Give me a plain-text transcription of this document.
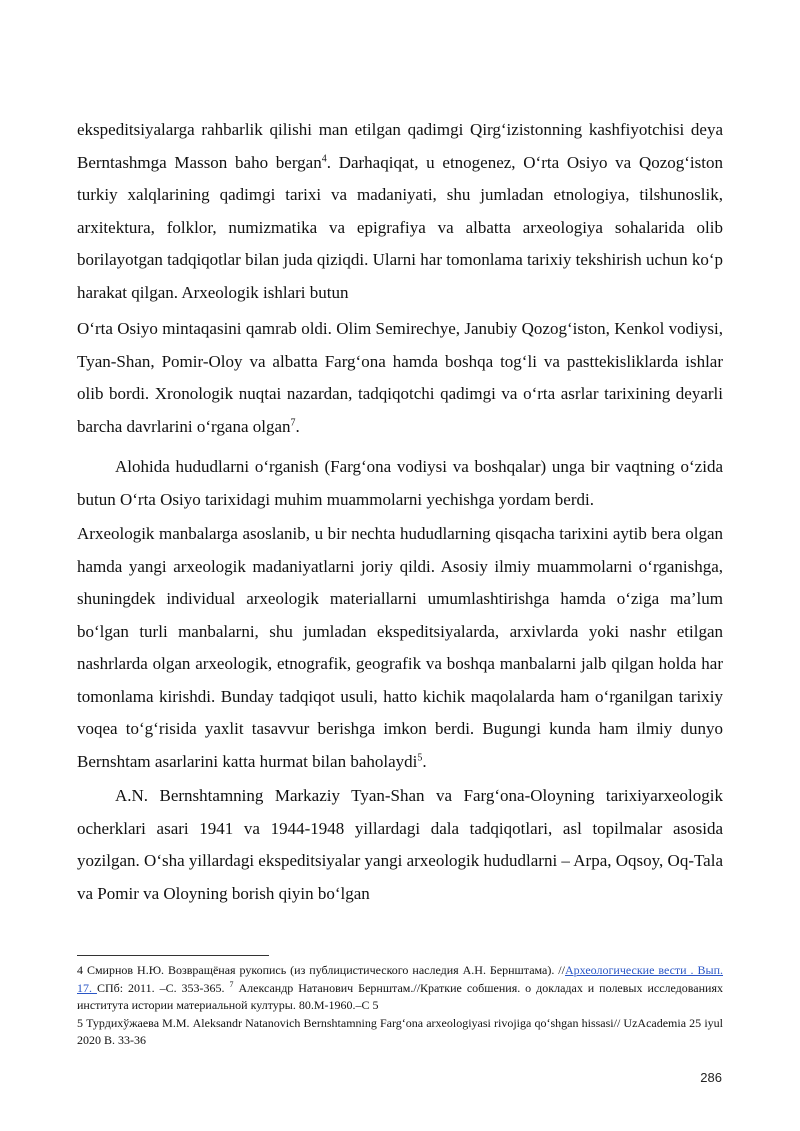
ekspeditsiyalarga rahbarlik qilishi man etilgan qadimgi Qirg‘izistonning kashfiyotchisi deya Berntashmga Masson baho bergan$^4$. Darhaqiqat, u etnogenez, O‘rta Osiyo va Qozog‘iston turkiy xalqlarining qadimgi tarixi va madaniyati, shu jumladan etnologiya, tilshunoslik, arxitektura, folklor, numizmatika va epigrafiya va albatta arxeologiya sohalarida olib borilayotgan tadqiqotlar bilan juda qiziqdi. Ularni har tomonlama tarixiy tekshirish uchun ko‘p harakat qilgan. Arxeologik ishlari butun

O‘rta Osiyo mintaqasini qamrab oldi. Olim Semirechye, Janubiy Qozog‘iston, Kenkol vodiysi, Tyan-Shan, Pomir-Oloy va albatta Farg‘ona hamda boshqa tog‘li va pasttekisliklarda ishlar olib bordi. Xronologik nuqtai nazardan, tadqiqotchi qadimgi va o‘rta asrlar tarixining deyarli barcha davrlarini o‘rgana olgan$^7$.

Alohida hududlarni o‘rganish (Farg‘ona vodiysi va boshqalar) unga bir vaqtning o‘zida butun O‘rta Osiyo tarixidagi muhim muammolarni yechishga yordam berdi.

Arxeologik manbalarga asoslanib, u bir nechta hududlarning qisqacha tarixini aytib bera olgan hamda yangi arxeologik madaniyatlarni joriy qildi. Asosiy ilmiy muammolarni o‘rganishga, shuningdek individual arxeologik materiallarni umumlashtirishga hamda o‘ziga ma’lum bo‘lgan turli manbalarni, shu jumladan ekspeditsiyalarda, arxivlarda yoki nashr etilgan nashrlarda olgan arxeologik, etnografik, geografik va boshqa manbalarni jalb qilgan holda har tomonlama kirishdi. Bunday tadqiqot usuli, hatto kichik maqolalarda ham o‘rganilgan tarixiy voqea to‘g‘risida yaxlit tasavvur berishga imkon berdi. Bugungi kunda ham ilmiy dunyo Bernshtam asarlarini katta hurmat bilan baholaydi$^5$.

A.N. Bernshtamning Markaziy Tyan-Shan va Farg‘ona-Oloyning tarixiyarxeologik ocherklari asari 1941 va 1944-1948 yillardagi dala tadqiqotlari, asl topilmalar asosida yozilgan. O‘sha yillardagi ekspeditsiyalar yangi arxeologik hududlarni – Arpa, Oqsoy, Oq-Tala va Pomir va Oloyning borish qiyin bo‘lgan

4 Смирнов Н.Ю. Возвращёная рукопись (из публицистического наследия А.Н. Бернштама). //Археологические вести . Вып. 17. СПб: 2011. –С. 353-365. $^7$ Александр Натанович Бернштам.//Краткие собшения. о докладах и полевых исследованиях института истории материальной културы. 80.М-1960.–С 5

5 Турдихўжаева М.М. Aleksandr Natanovich Bernshtamning Farg‘ona arxeologiyasi rivojiga qo‘shgan hissasi// UzAcademia 25 iyul 2020 B. 33-36

286
